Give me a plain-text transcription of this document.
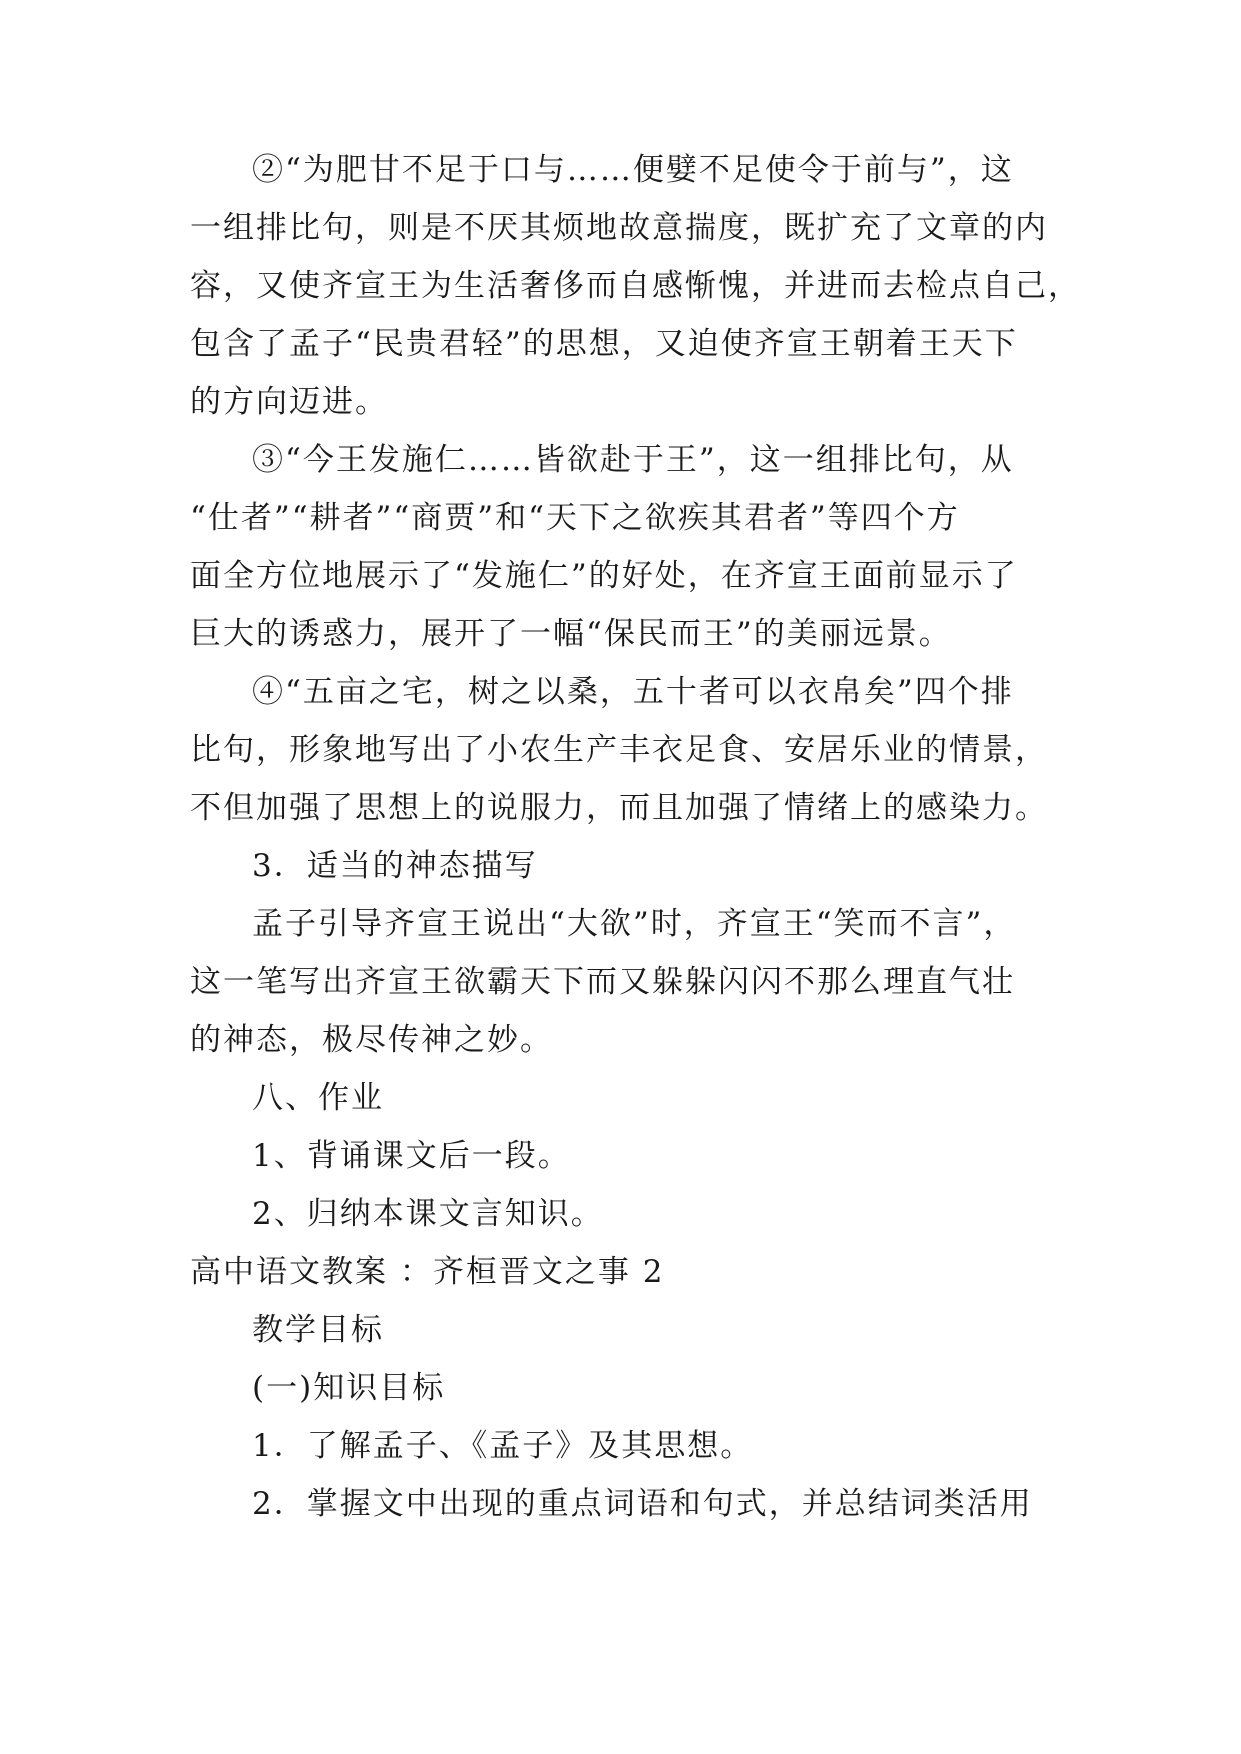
②“为肥甘不足于口与……便嬖不足使令于前与”，这
一组排比句，则是不厌其烦地故意揣度，既扩充了文章的内
容，又使齐宣王为生活奢侈而自感惭愧，并进而去检点自己，
包含了孟子“民贵君轻”的思想，又迫使齐宣王朝着王天下
的方向迈进。
③“今王发施仁……皆欲赴于王”，这一组排比句，从
“仕者”“耕者”“商贾”和“天下之欲疾其君者”等四个方
面全方位地展示了“发施仁”的好处，在齐宣王面前显示了
巨大的诱惑力，展开了一幅“保民而王”的美丽远景。
④“五亩之宅，树之以桑，五十者可以衣帛矣”四个排
比句，形象地写出了小农生产丰衣足食、安居乐业的情景，
不但加强了思想上的说服力，而且加强了情绪上的感染力。
3．适当的神态描写
孟子引导齐宣王说出“大欲”时，齐宣王“笑而不言”，
这一笔写出齐宣王欲霸天下而又躲躲闪闪不那么理直气壮
的神态，极尽传神之妙。
八、作业
1、背诵课文后一段。
2、归纳本课文言知识。
高中语文教案 ：齐桓晋文之事 2
教学目标
(一)知识目标
1．了解孟子、《孟子》及其思想。
2．掌握文中出现的重点词语和句式，并总结词类活用
